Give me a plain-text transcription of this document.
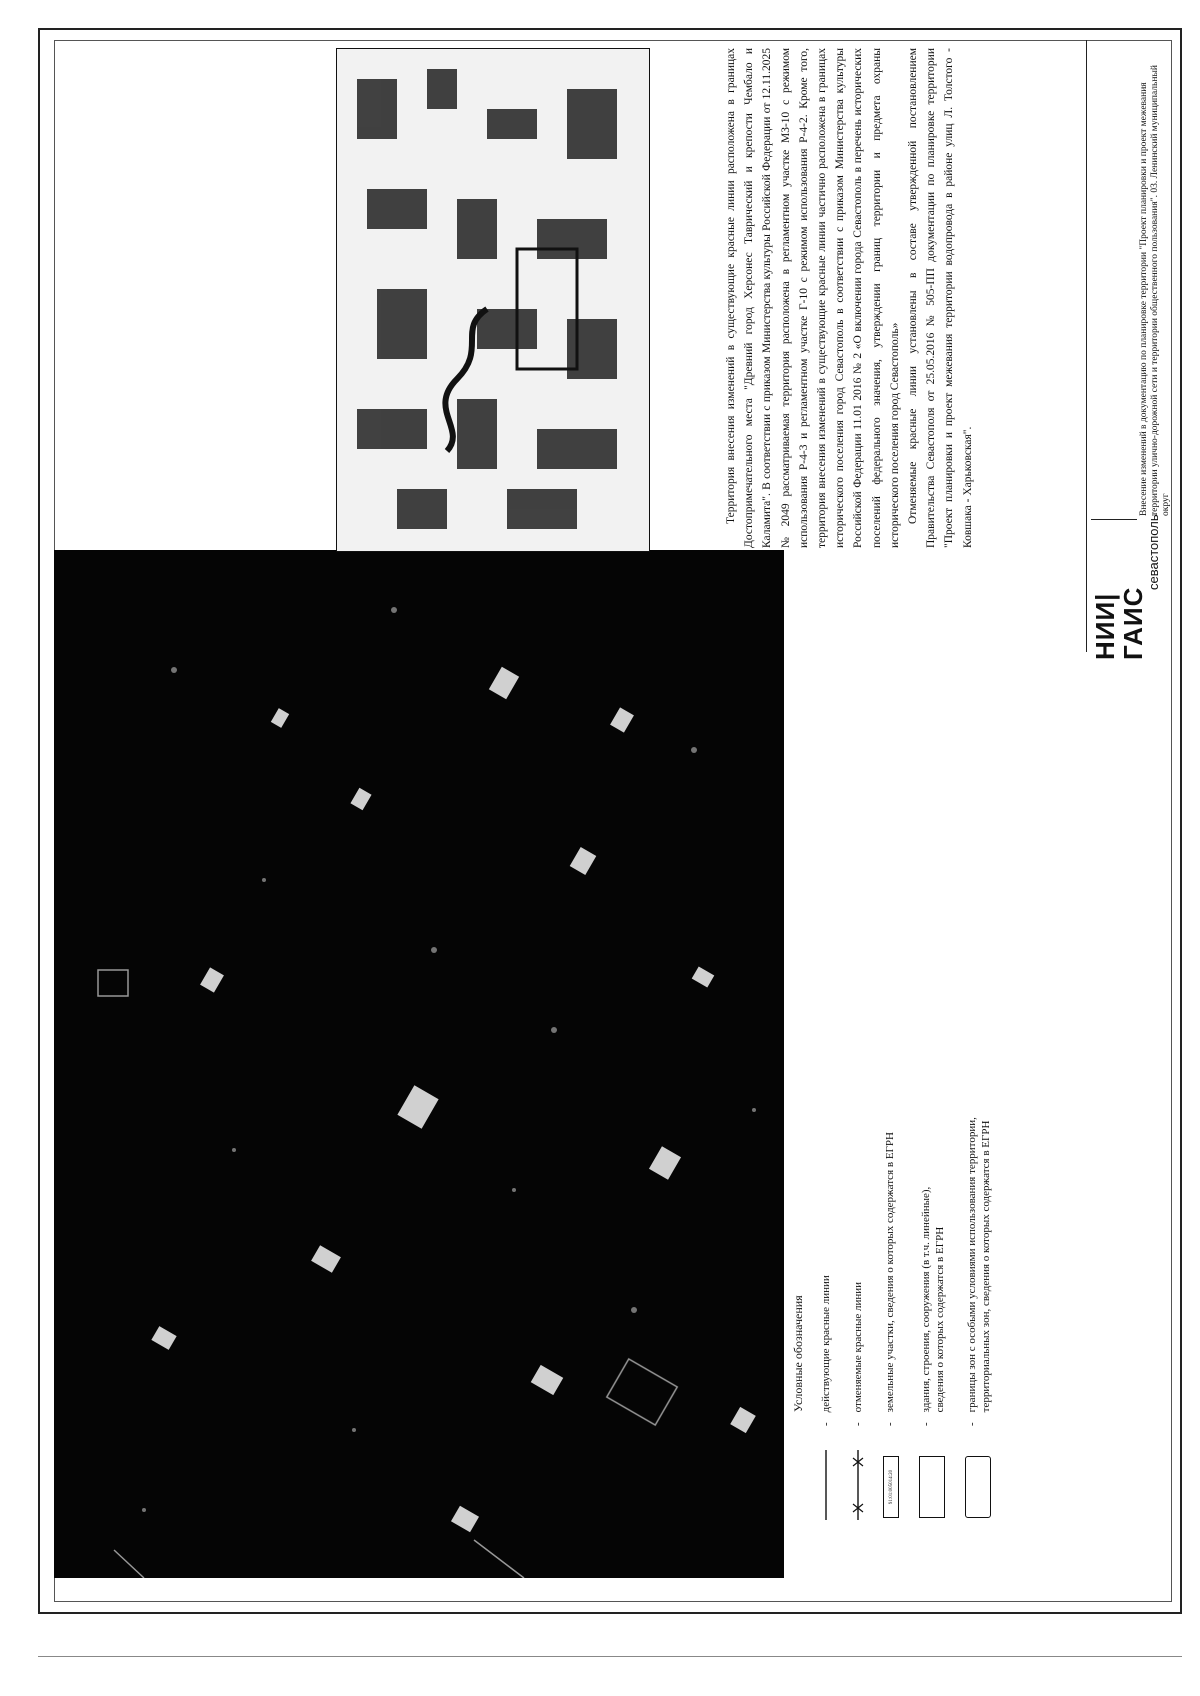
Территория внесения изменений в существующие красные линии расположена в границах Достопримечательного места "Древний город Херсонес Таврический и крепости Чембало и Каламита". В соответствии с приказом Министерства культуры Российской Федерации от 12.11.2025 № 2049 рассматриваемая территория расположена в регламентном участке МЗ-10 с режимом использования Р-4-3 и регламентном участке Г-10 с режимом использования Р-4-2. Кроме того, территория внесения изменений в существующие красные линии частично расположена в границах исторического поселения город Севастополь в соответствии с приказом Министерства культуры Российской Федерации 11.01 2016 № 2 «О включении города Севастополь в перечень исторических поселений федерального значения, утверждении границ территории и предмета охраны исторического поселения город Севастополь» Отменяемые красные линии установлены в составе утвержденной постановлением Правительства Севастополя от 25.05.2016 № 505-ПП документации по планировке территории "Проект планировки и проект межевания территории водопровода в районе улиц Л. Толстого - Ковшака - Харьковская".

Условные обозначения
-
действующие красные линии
-
отменяемые красные линии
91:01:005014:20
-
земельные участки, сведения о которых содержатся в ЕГРН
-
здания, строения, сооружения (в т.ч. линейные), сведения о которых содержатся в ЕГРН
-
границы зон с особыми условиями использования территории, территориальных зон, сведения о которых содержатся в ЕГРН
НИИ|ГАИС
севастополь
Внесение изменений в документацию по планировке территории "Проект планировки и проект межевания территории улично-дорожной сети и территории общественного пользования". 03. Ленинский муниципальный округ
